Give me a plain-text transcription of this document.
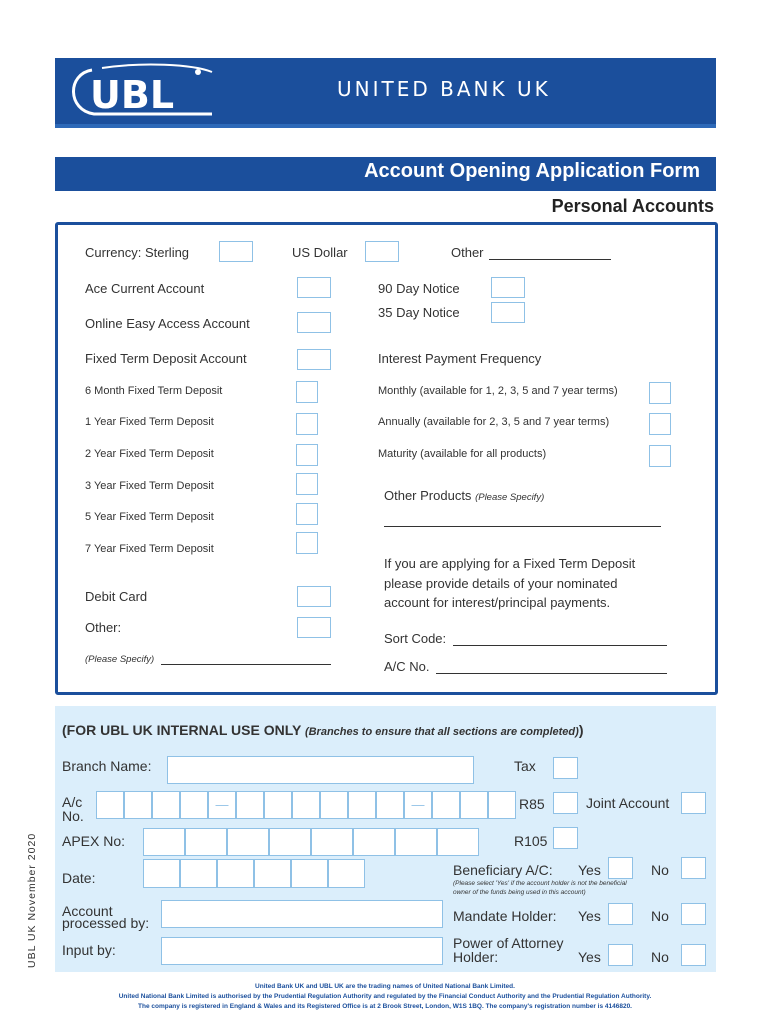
UBL	UNITED BANK UK
Account Opening Application Form
Personal Accounts
Currency: Sterling	US Dollar	Other
Ace Current Account
Online Easy Access Account
Fixed Term Deposit Account
6 Month Fixed Term Deposit
1 Year Fixed Term Deposit
2 Year Fixed Term Deposit
3 Year Fixed Term Deposit
5 Year Fixed Term Deposit
7 Year Fixed Term Deposit
Debit Card
Other:
(Please Specify)
90 Day Notice
35 Day Notice
Interest Payment Frequency
Monthly (available for 1, 2, 3, 5 and 7 year terms)
Annually (available for 2, 3, 5 and 7 year terms)
Maturity (available for all products)
Other Products (Please Specify)
If you are applying for a Fixed Term Deposit
please provide details of your nominated
account for interest/principal payments.
Sort Code:
A/C No.
(FOR UBL UK INTERNAL USE ONLY (Branches to ensure that all sections are completed))
Branch Name:
A/c
No.
—	—
APEX No:
Date:
Account
processed by:
Input by:
Tax
R85	Joint Account
R105
Beneficiary A/C: Yes	No
(Please select 'Yes' if the account holder is not the beneficial
owner of the funds being used in this account)
Mandate Holder: Yes	No
Power of Attorney
Holder:	Yes	No
UBL UK November 2020
United Bank UK and UBL UK are the trading names of United National Bank Limited.
United National Bank Limited is authorised by the Prudential Regulation Authority and regulated by the Financial Conduct Authority and the Prudential Regulation Authority.
The company is registered in England & Wales and its Registered Office is at 2 Brook Street, London, W1S 1BQ. The company's registration number is 4146820.
